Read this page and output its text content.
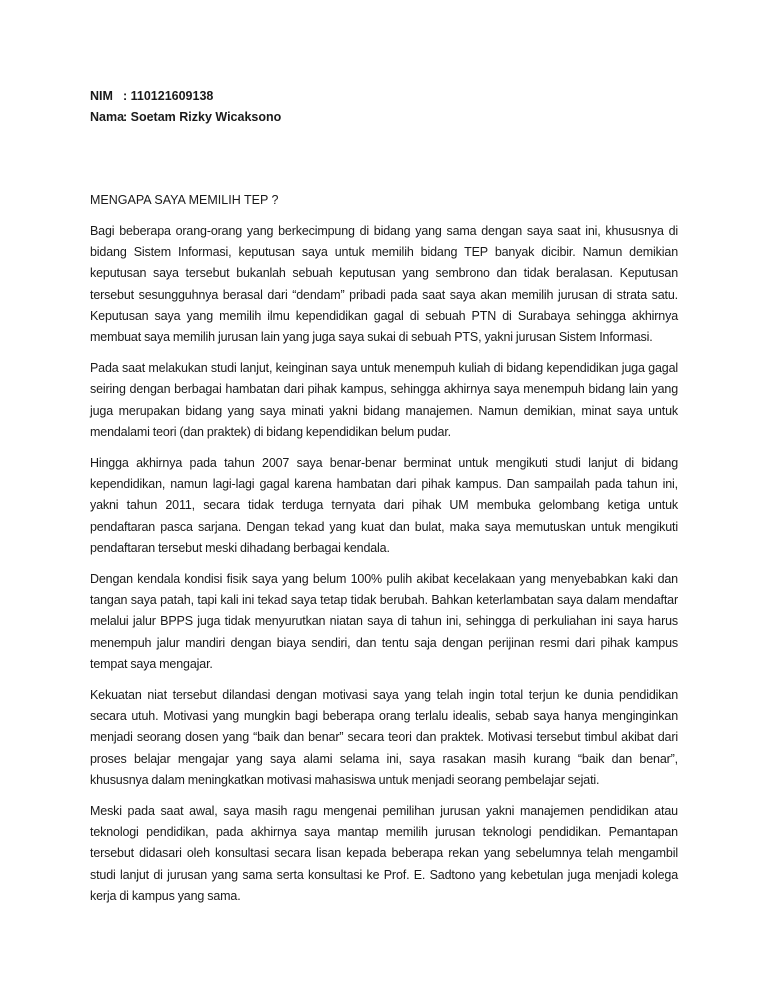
NIM : 110121609138
Nama
: Soetam Rizky Wicaksono
MENGAPA SAYA MEMILIH TEP ?

Bagi beberapa orang-orang yang berkecimpung di bidang yang sama dengan saya saat ini, khususnya di bidang Sistem Informasi, keputusan saya untuk memilih bidang TEP banyak dicibir. Namun demikian keputusan saya tersebut bukanlah sebuah keputusan yang sembrono dan tidak beralasan. Keputusan tersebut sesungguhnya berasal dari “dendam” pribadi pada saat saya akan memilih jurusan di strata satu. Keputusan saya yang memilih ilmu kependidikan gagal di sebuah PTN di Surabaya sehingga akhirnya membuat saya memilih jurusan lain yang juga saya sukai di sebuah PTS, yakni jurusan Sistem Informasi.

Pada saat melakukan studi lanjut, keinginan saya untuk menempuh kuliah di bidang kependidikan juga gagal seiring dengan berbagai hambatan dari pihak kampus, sehingga akhirnya saya menempuh bidang lain yang juga merupakan bidang yang saya minati yakni bidang manajemen. Namun demikian, minat saya untuk mendalami teori (dan praktek) di bidang kependidikan belum pudar.

Hingga akhirnya pada tahun 2007 saya benar-benar berminat untuk mengikuti studi lanjut di bidang kependidikan, namun lagi-lagi gagal karena hambatan dari pihak kampus. Dan sampailah pada tahun ini, yakni tahun 2011, secara tidak terduga ternyata dari pihak UM membuka gelombang ketiga untuk pendaftaran pasca sarjana. Dengan tekad yang kuat dan bulat, maka saya memutuskan untuk mengikuti pendaftaran tersebut meski dihadang berbagai kendala.

Dengan kendala kondisi fisik saya yang belum 100% pulih akibat kecelakaan yang menyebabkan kaki dan tangan saya patah, tapi kali ini tekad saya tetap tidak berubah. Bahkan keterlambatan saya dalam mendaftar melalui jalur BPPS juga tidak menyurutkan niatan saya di tahun ini, sehingga di perkuliahan ini saya harus menempuh jalur mandiri dengan biaya sendiri, dan tentu saja dengan perijinan resmi dari pihak kampus tempat saya mengajar.

Kekuatan niat tersebut dilandasi dengan motivasi saya yang telah ingin total terjun ke dunia pendidikan secara utuh. Motivasi yang mungkin bagi beberapa orang terlalu idealis, sebab saya hanya menginginkan menjadi seorang dosen yang “baik dan benar” secara teori dan praktek. Motivasi tersebut timbul akibat dari proses belajar mengajar yang saya alami selama ini, saya rasakan masih kurang “baik dan benar”, khususnya dalam meningkatkan motivasi mahasiswa untuk menjadi seorang pembelajar sejati.

Meski pada saat awal, saya masih ragu mengenai pemilihan jurusan yakni manajemen pendidikan atau teknologi pendidikan, pada akhirnya saya mantap memilih jurusan teknologi pendidikan. Pemantapan tersebut didasari oleh konsultasi secara lisan kepada beberapa rekan yang sebelumnya telah mengambil studi lanjut di jurusan yang sama serta konsultasi ke Prof. E. Sadtono yang kebetulan juga menjadi kolega kerja di kampus yang sama.
